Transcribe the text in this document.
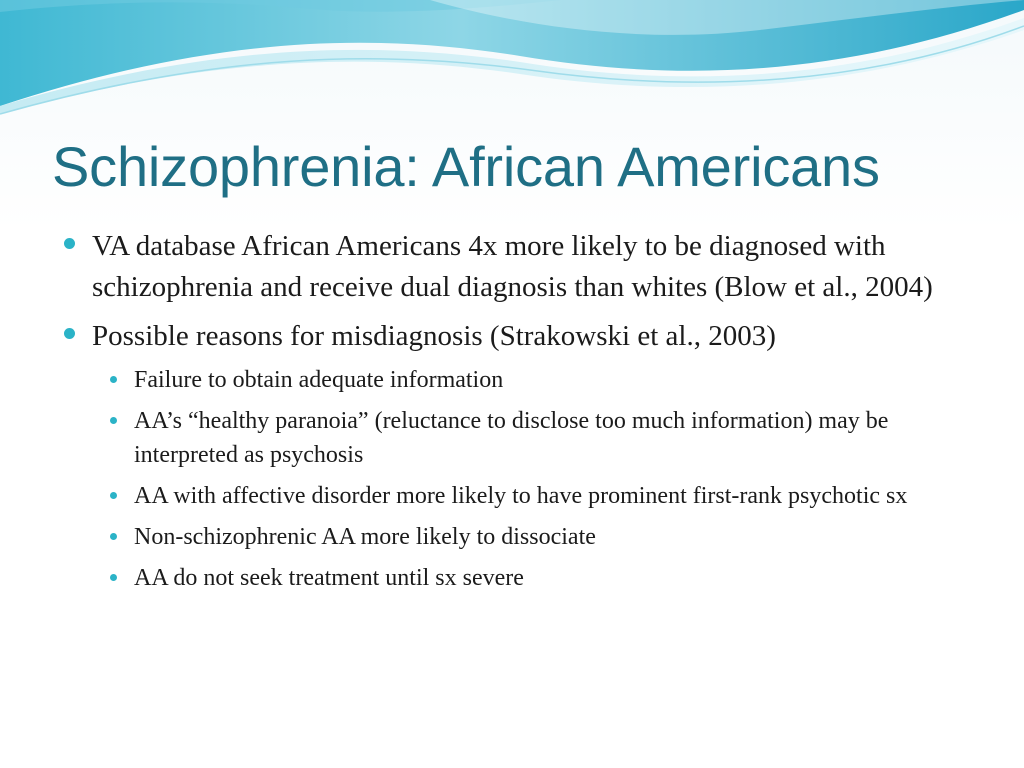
Schizophrenia: African Americans
VA database African Americans 4x more likely to be diagnosed with schizophrenia and receive dual diagnosis than whites (Blow et al., 2004)
Possible reasons for misdiagnosis (Strakowski et al., 2003)
Failure to obtain adequate information
AA’s “healthy paranoia” (reluctance to disclose too much information) may be interpreted as psychosis
AA with affective disorder more likely to have prominent first-rank psychotic sx
Non-schizophrenic AA more likely to dissociate
AA do not seek treatment until sx severe
